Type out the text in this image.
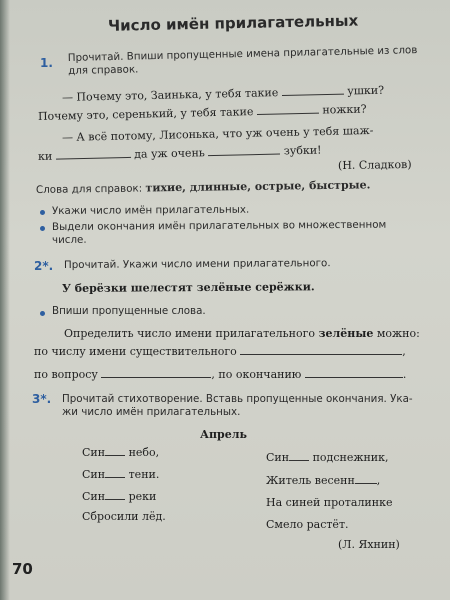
Число имён прилагательных
1. Прочитай. Впиши пропущенные имена прилагательные из слов для справок.
— Почему это, Заинька, у тебя такие	ушки?
Почему это, серенький, у тебя такие	ножки?
— А всё потому, Лисонька, что уж очень у тебя шаж-
ки	да уж очень	зубки!
(Н. Сладков)
Слова для справок: тихие, длинные, острые, быстрые.
Укажи число имён прилагательных.
Выдели окончания имён прилагательных во множественном
числе.
2*. Прочитай. Укажи число имени прилагательного.
У берёзки шелестят зелёные серёжки.
Впиши пропущенные слова.
Определить число имени прилагательного зелёные можно:
по числу имени существительного	,
по вопросу	, по окончанию	.
3*. Прочитай стихотворение. Вставь пропущенные окончания. Ука-
жи число имён прилагательных.
Апрель
Син небо,
Син тени.
Син реки
Сбросили лёд.
Син подснежник,
Житель весенн ,
На синей проталинке
Смело растёт.
(Л. Яхнин)
70
